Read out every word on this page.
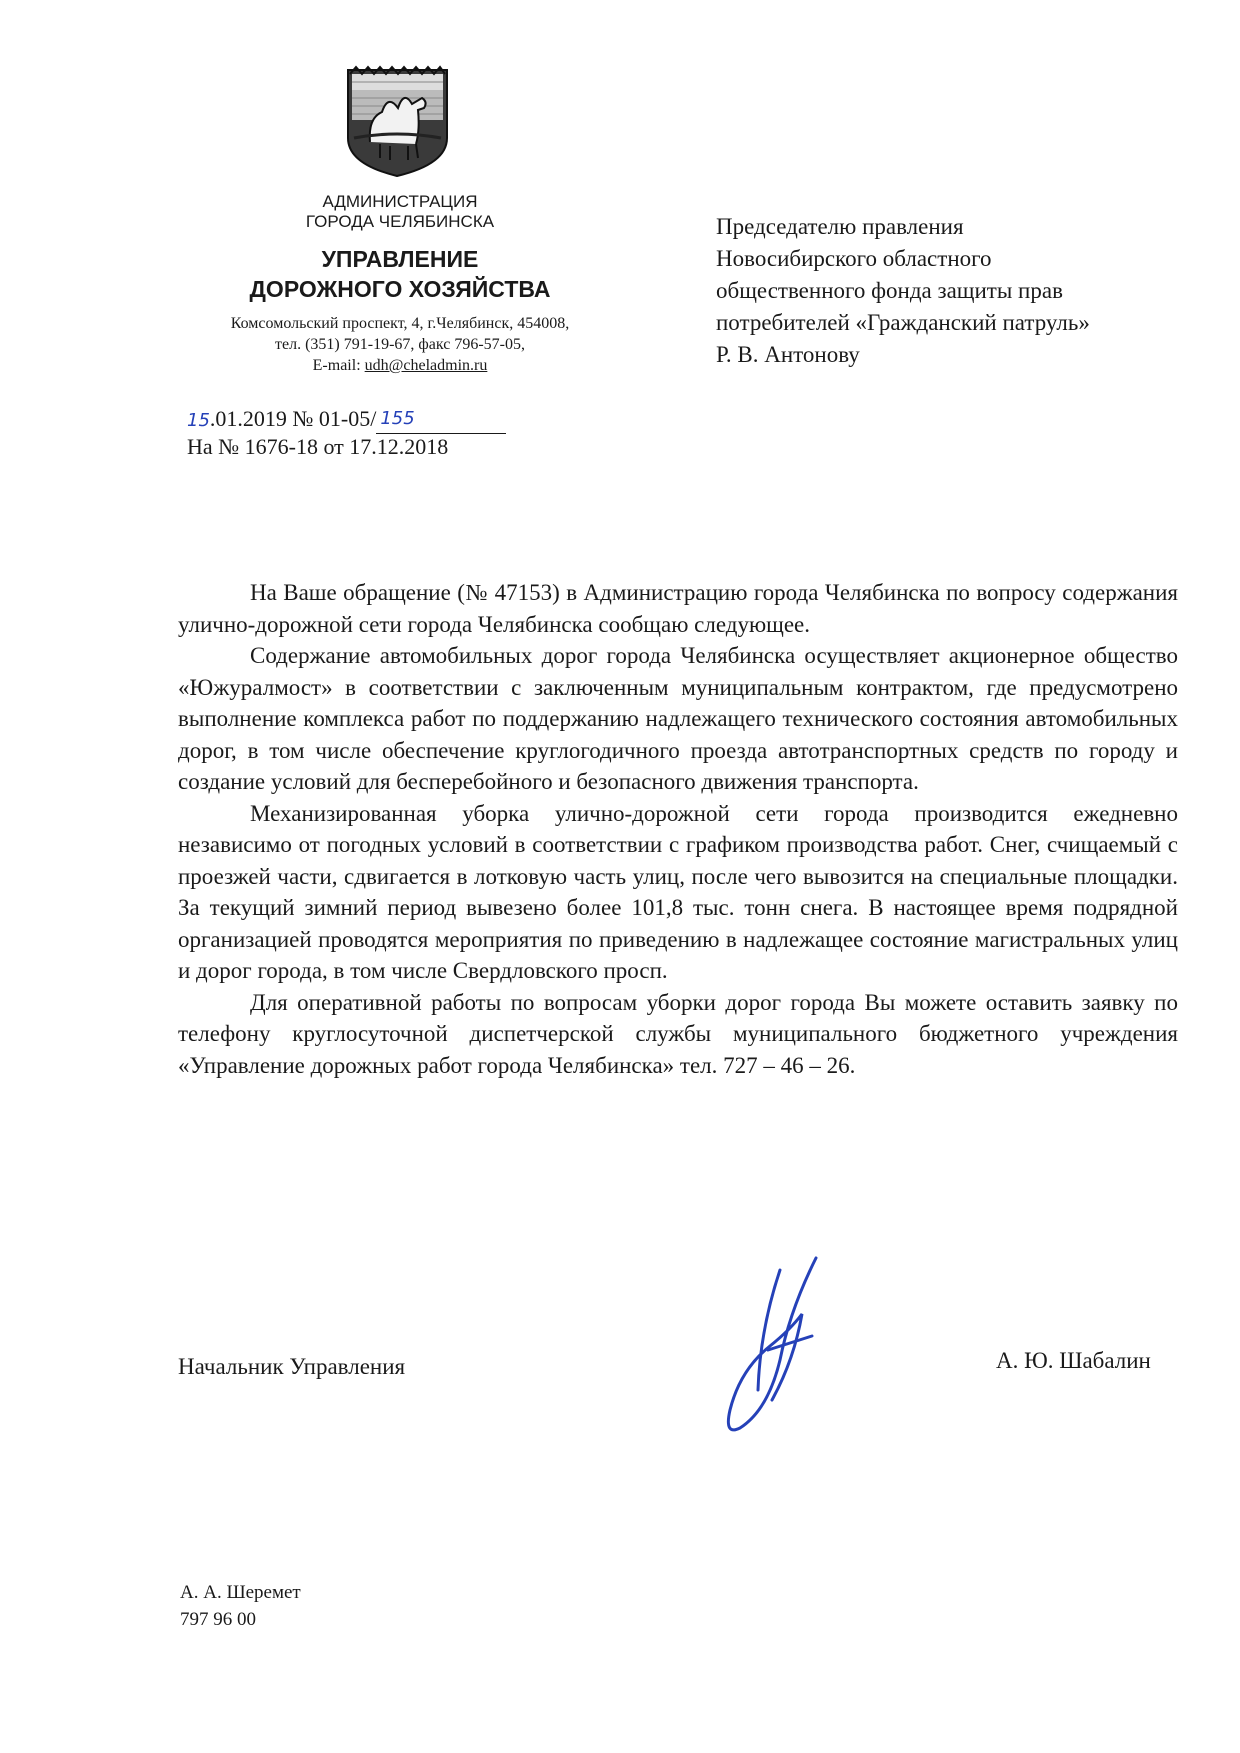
АДМИНИСТРАЦИЯ
ГОРОДА ЧЕЛЯБИНСКА
УПРАВЛЕНИЕ
ДОРОЖНОГО ХОЗЯЙСТВА
Комсомольский проспект, 4, г.Челябинск, 454008,
тел. (351) 791-19-67, факс 796-57-05,
E-mail: udh@cheladmin.ru
Председателю правления
Новосибирского областного
общественного фонда защиты прав
потребителей «Гражданский патруль»
Р. В. Антонову
15.01.2019 № 01-05/ 155

На № 1676-18 от 17.12.2018

На Ваше обращение (№ 47153) в Администрацию города Челябинска по вопросу содержания улично-дорожной сети города Челябинска сообщаю следующее.

Содержание автомобильных дорог города Челябинска осуществляет акционерное общество «Южуралмост» в соответствии с заключенным муниципальным контрактом, где предусмотрено выполнение комплекса работ по поддержанию надлежащего технического состояния автомобильных дорог, в том числе обеспечение круглогодичного проезда автотранспортных средств по городу и создание условий для бесперебойного и безопасного движения транспорта.

Механизированная уборка улично-дорожной сети города производится ежедневно независимо от погодных условий в соответствии с графиком производства работ. Снег, счищаемый с проезжей части, сдвигается в лотковую часть улиц, после чего вывозится на специальные площадки. За текущий зимний период вывезено более 101,8 тыс. тонн снега. В настоящее время подрядной организацией проводятся мероприятия по приведению в надлежащее состояние магистральных улиц и дорог города, в том числе Свердловского просп.

Для оперативной работы по вопросам уборки дорог города Вы можете оставить заявку по телефону круглосуточной диспетчерской службы муниципального бюджетного учреждения «Управление дорожных работ города Челябинска» тел. 727 – 46 – 26.

Начальник Управления	А. Ю. Шабалин
А. А. Шеремет
797 96 00
